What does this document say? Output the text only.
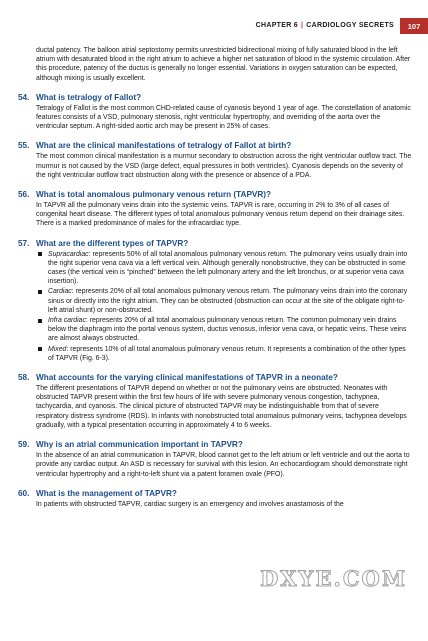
CHAPTER 6 | CARDIOLOGY SECRETS	107

ductal patency. The balloon atrial septostomy permits unrestricted bidirectional mixing of fully saturated blood in the left atrium with desaturated blood in the right atrium to achieve a higher net saturation of blood in the systemic circulation. After this procedure, patency of the ductus is generally no longer essential. Variations in oxygen saturation can be expected, although mixing is usually excellent.

54. What is tetralogy of Fallot?

Tetralogy of Fallot is the most common CHD-related cause of cyanosis beyond 1 year of age. The constellation of anatomic features consists of a VSD, pulmonary stenosis, right ventricular hypertrophy, and overriding of the aorta over the ventricular septum. A right-sided aortic arch may be present in 25% of cases.

55. What are the clinical manifestations of tetralogy of Fallot at birth?

The most common clinical manifestation is a murmur secondary to obstruction across the right ventricular outflow tract. The murmur is not caused by the VSD (large defect, equal pressures in both ventricles). Cyanosis depends on the severity of the right ventricular outflow tract obstruction along with the presence or absence of a PDA.

56. What is total anomalous pulmonary venous return (TAPVR)?

In TAPVR all the pulmonary veins drain into the systemic veins. TAPVR is rare, occurring in 2% to 3% of all cases of congenital heart disease. The different types of total anomalous pulmonary venous return depend on their drainage sites. There is a marked predominance of males for the infracardiac type.

57. What are the different types of TAPVR?
Supracardiac: represents 50% of all total anomalous pulmonary venous return. The pulmonary veins usually drain into the right superior vena cava via a left vertical vein. Although generally nonobstructive, they can be obstructed in some cases (the vertical vein is “pinched” between the left pulmonary artery and the left bronchus, or at superior vena cava insertion).
Cardiac: represents 20% of all total anomalous pulmonary venous return. The pulmonary veins drain into the coronary sinus or directly into the right atrium. They can be obstructed (obstruction can occur at the site of the obligate right-to-left atrial shunt) or non-obstructed.
Infra cardiac: represents 20% of all total anomalous pulmonary venous return. The common pulmonary vein drains below the diaphragm into the portal venous system, ductus venosus, inferior vena cava, or hepatic veins. These veins are almost always obstructed.
Mixed: represents 10% of all total anomalous pulmonary venous return. It represents a combination of the other types of TAPVR (Fig. 6-3).
58. What accounts for the varying clinical manifestations of TAPVR in a neonate?

The different presentations of TAPVR depend on whether or not the pulmonary veins are obstructed. Neonates with obstructed TAPVR present within the first few hours of life with severe pulmonary venous congestion, tachypnea, tachycardia, and cyanosis. The clinical picture of obstructed TAPVR may be indistinguishable from that of severe respiratory distress syndrome (RDS). In infants with nonobstructed total anomalous pulmonary veins, tachypnea develops gradually, with a typical presentation occurring in approximately 4 to 6 weeks.

59. Why is an atrial communication important in TAPVR?

In the absence of an atrial communication in TAPVR, blood cannot get to the left atrium or left ventricle and out the aorta to provide any cardiac output. An ASD is necessary for survival with this lesion. An echocardiogram should demonstrate right ventricular hypertrophy and a right-to-left shunt via a patent foramen ovale (PFO).

60. What is the management of TAPVR?

In patients with obstructed TAPVR, cardiac surgery is an emergency and involves anastamosis of the

DXYE.COM
